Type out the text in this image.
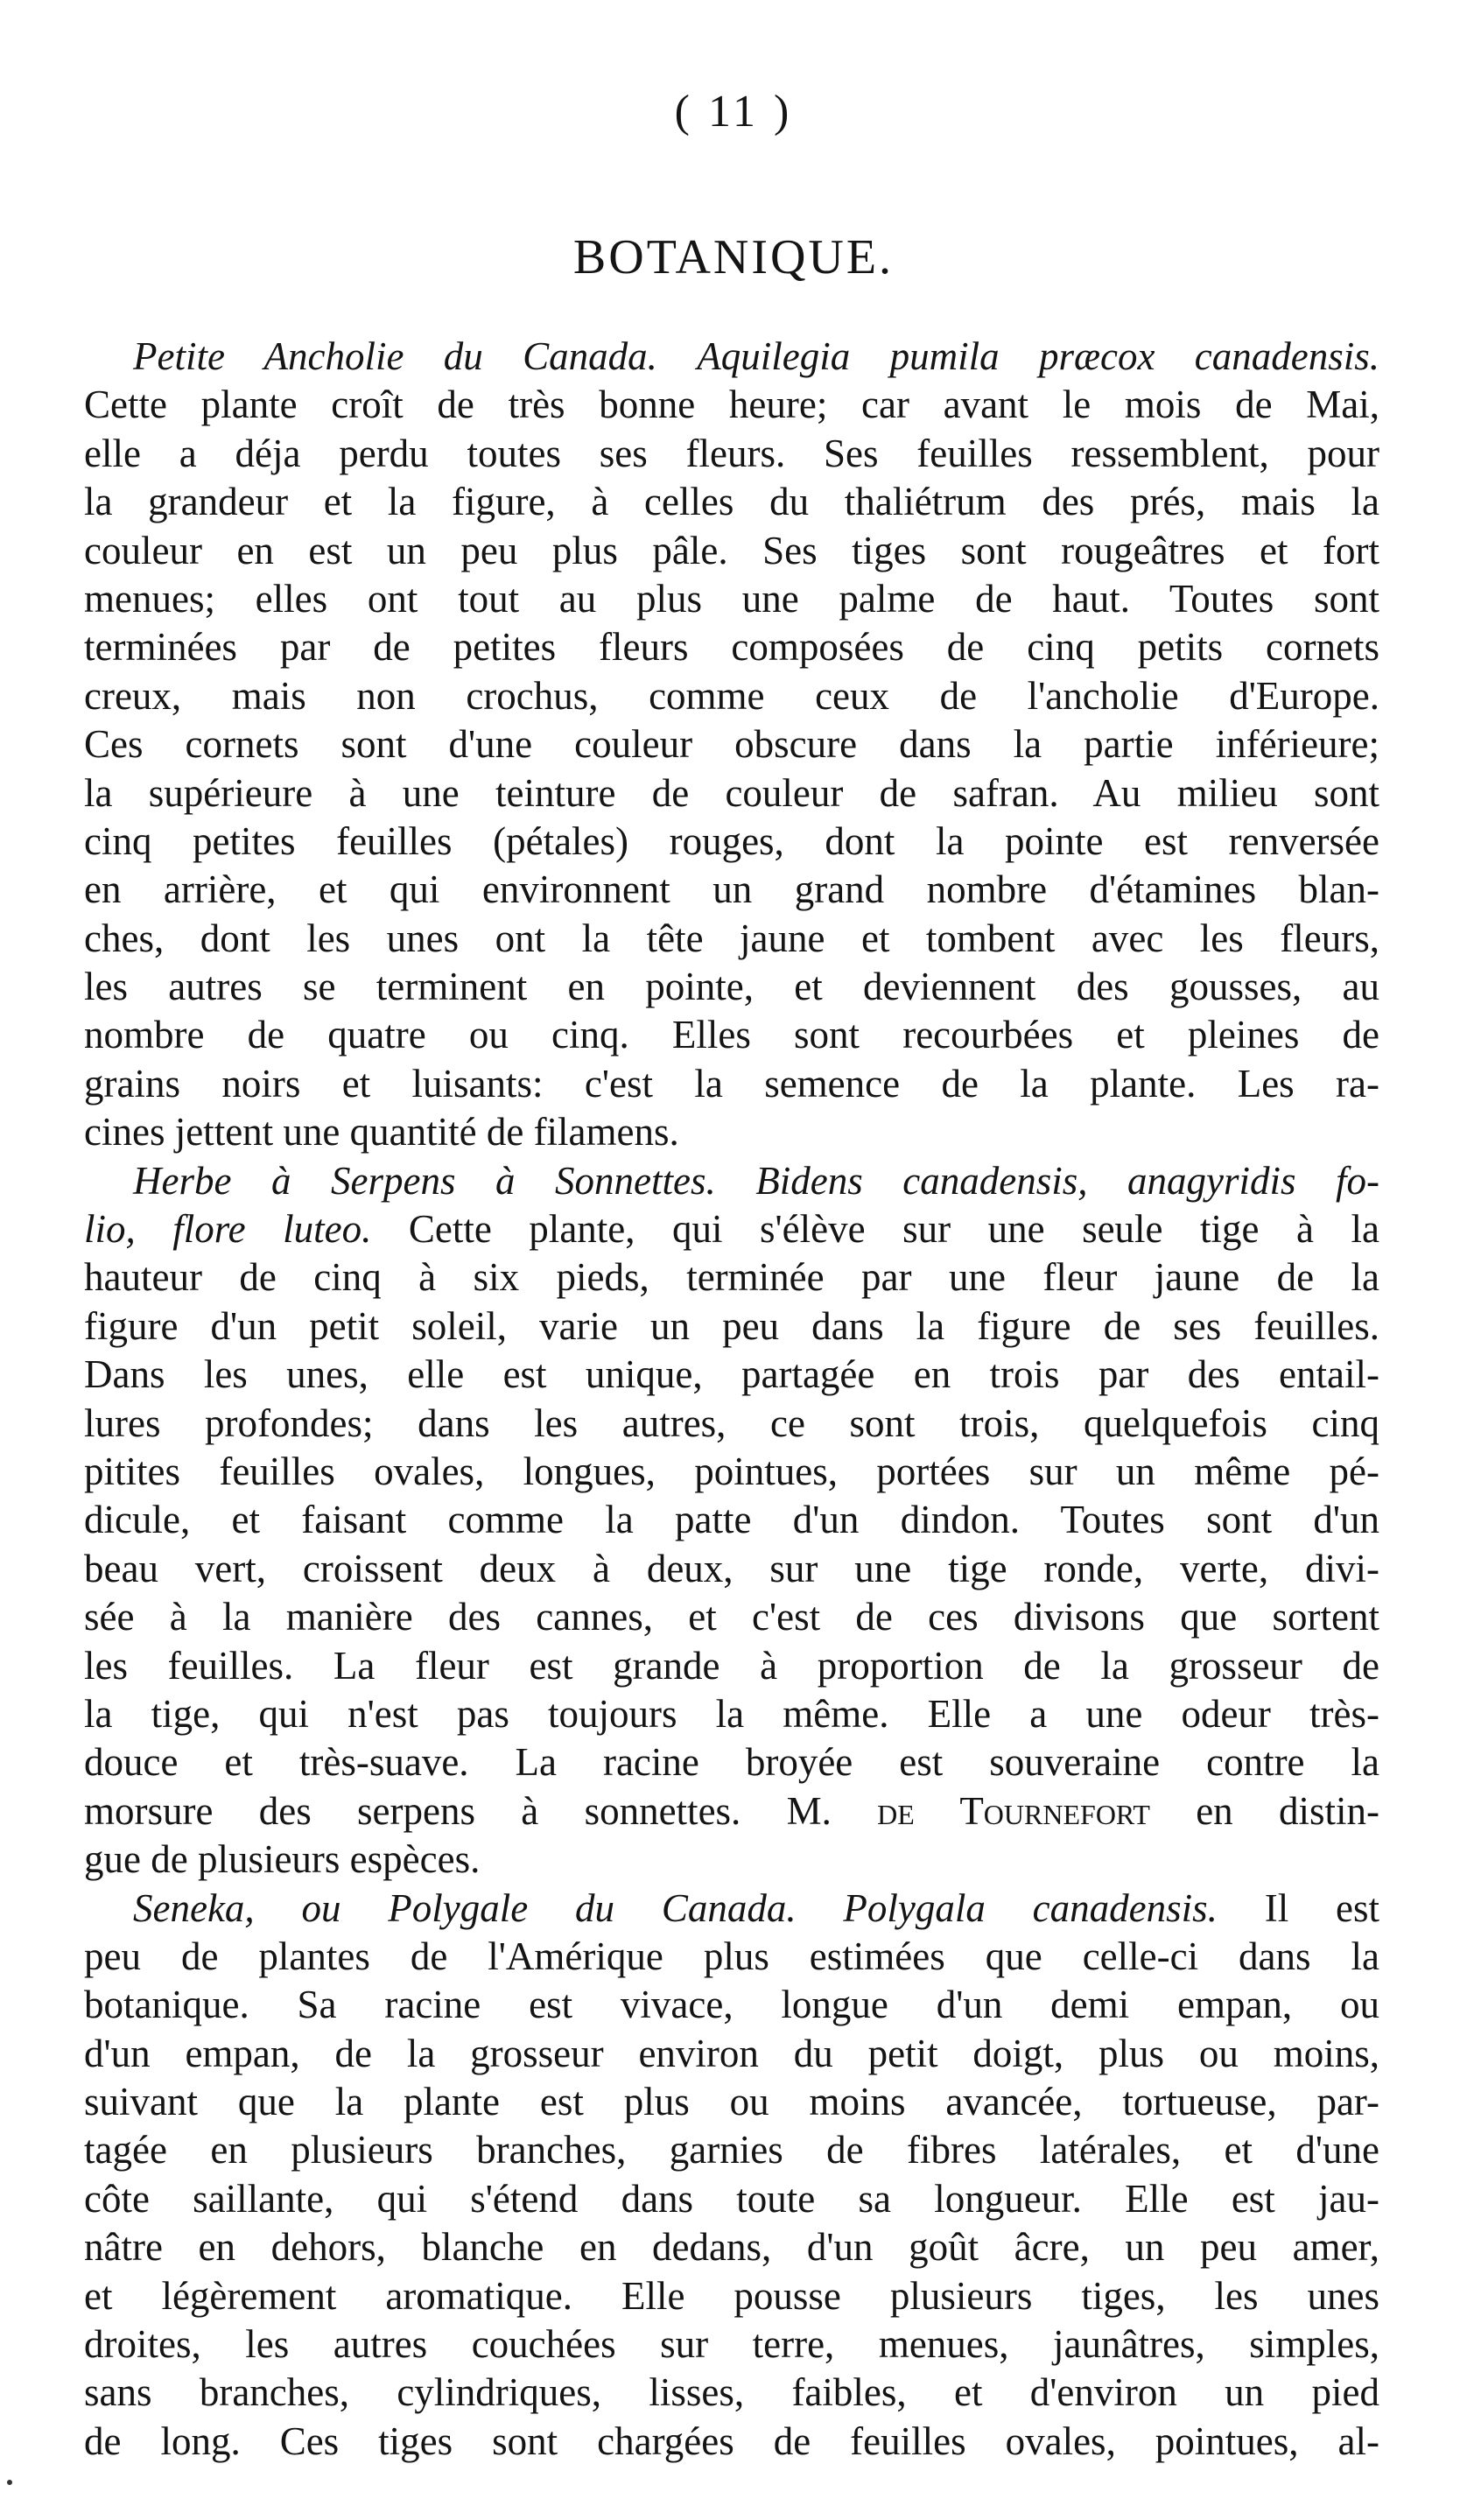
( 11 )
BOTANIQUE.
Petite Ancholie du Canada. Aquilegia pumila præcox canadensis.
Cette plante croît de très bonne heure; car avant le mois de Mai,
elle a déja perdu toutes ses fleurs. Ses feuilles ressemblent, pour
la grandeur et la figure, à celles du thaliétrum des prés, mais la
couleur en est un peu plus pâle. Ses tiges sont rougeâtres et fort
menues; elles ont tout au plus une palme de haut. Toutes sont
terminées par de petites fleurs composées de cinq petits cornets
creux, mais non crochus, comme ceux de l'ancholie d'Europe.
Ces cornets sont d'une couleur obscure dans la partie inférieure;
la supérieure à une teinture de couleur de safran. Au milieu sont
cinq petites feuilles (pétales) rouges, dont la pointe est renversée
en arrière, et qui environnent un grand nombre d'étamines blan-
ches, dont les unes ont la tête jaune et tombent avec les fleurs,
les autres se terminent en pointe, et deviennent des gousses, au
nombre de quatre ou cinq. Elles sont recourbées et pleines de
grains noirs et luisants: c'est la semence de la plante. Les ra-
cines jettent une quantité de filamens.
Herbe à Serpens à Sonnettes. Bidens canadensis, anagyridis fo-
lio, flore luteo. Cette plante, qui s'élève sur une seule tige à la
hauteur de cinq à six pieds, terminée par une fleur jaune de la
figure d'un petit soleil, varie un peu dans la figure de ses feuilles.
Dans les unes, elle est unique, partagée en trois par des entail-
lures profondes; dans les autres, ce sont trois, quelquefois cinq
pitites feuilles ovales, longues, pointues, portées sur un même pé-
dicule, et faisant comme la patte d'un dindon. Toutes sont d'un
beau vert, croissent deux à deux, sur une tige ronde, verte, divi-
sée à la manière des cannes, et c'est de ces divisons que sortent
les feuilles. La fleur est grande à proportion de la grosseur de
la tige, qui n'est pas toujours la même. Elle a une odeur très-
douce et très-suave. La racine broyée est souveraine contre la
morsure des serpens à sonnettes. M. de Tournefort en distin-
gue de plusieurs espèces.
Seneka, ou Polygale du Canada. Polygala canadensis. Il est
peu de plantes de l'Amérique plus estimées que celle-ci dans la
botanique. Sa racine est vivace, longue d'un demi empan, ou
d'un empan, de la grosseur environ du petit doigt, plus ou moins,
suivant que la plante est plus ou moins avancée, tortueuse, par-
tagée en plusieurs branches, garnies de fibres latérales, et d'une
côte saillante, qui s'étend dans toute sa longueur. Elle est jau-
nâtre en dehors, blanche en dedans, d'un goût âcre, un peu amer,
et légèrement aromatique. Elle pousse plusieurs tiges, les unes
droites, les autres couchées sur terre, menues, jaunâtres, simples,
sans branches, cylindriques, lisses, faibles, et d'environ un pied
de long. Ces tiges sont chargées de feuilles ovales, pointues, al-
